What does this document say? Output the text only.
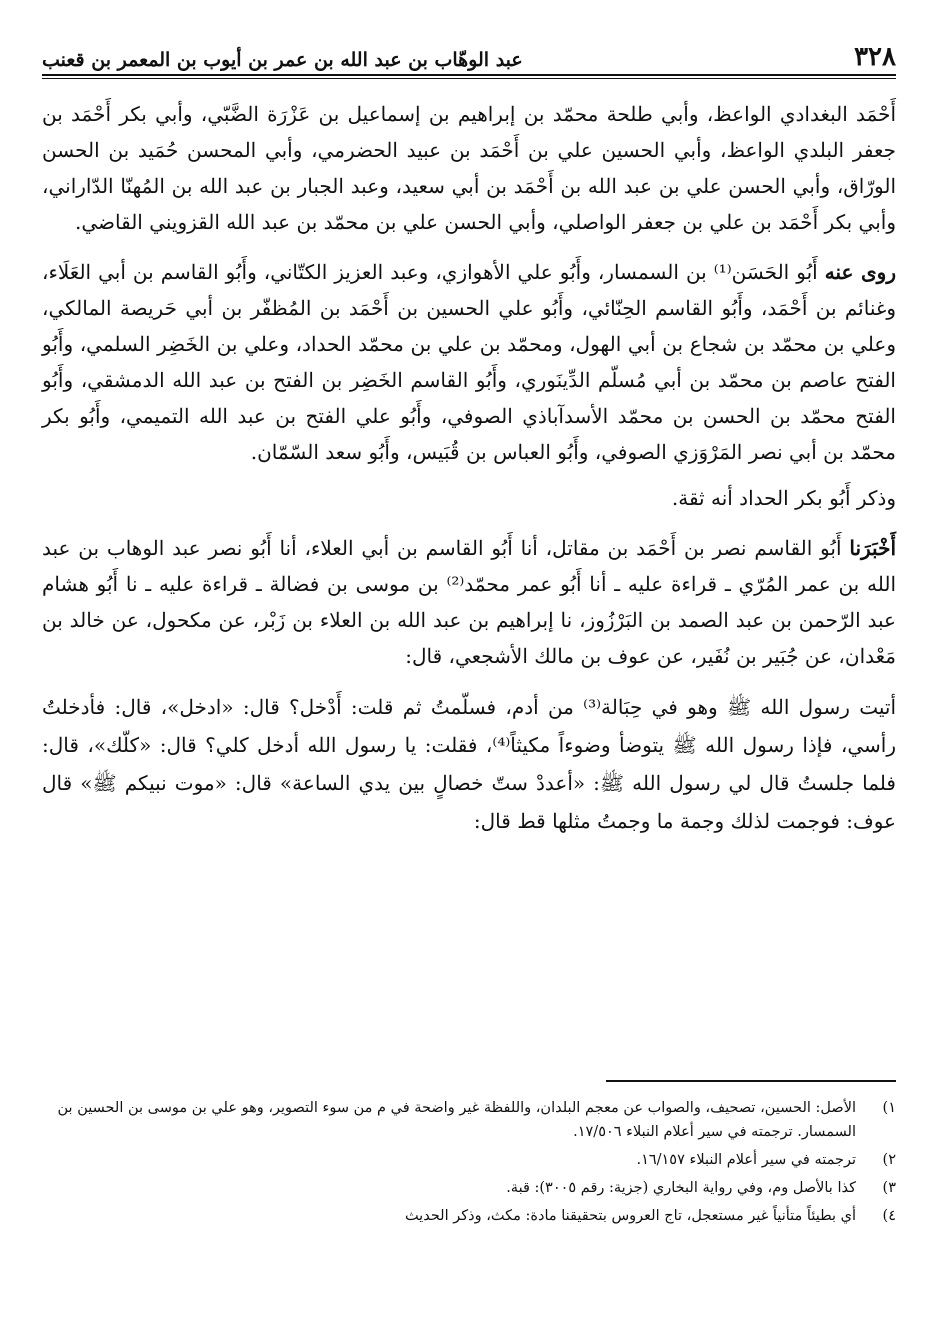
٣٢٨
عبد الوهّاب بن عبد الله بن عمر بن أيوب بن المعمر بن قعنب

أَحْمَد البغدادي الواعظ، وأبي طلحة محمّد بن إبراهيم بن إسماعيل بن عَزْرَة الضَّبّي، وأبي بكر أَحْمَد بن جعفر البلدي الواعظ، وأبي الحسين علي بن أَحْمَد بن عبيد الحضرمي، وأبي المحسن حُمَيد بن الحسن الورّاق، وأبي الحسن علي بن عبد الله بن أَحْمَد بن أبي سعيد، وعبد الجبار بن عبد الله بن المُهنّا الدّاراني، وأبي بكر أَحْمَد بن علي بن جعفر الواصلي، وأبي الحسن علي بن محمّد بن عبد الله القزويني القاضي.

روى عنه أَبُو الحَسَن⁽¹⁾ بن السمسار، وأَبُو علي الأهوازي، وعبد العزيز الكتّاني، وأَبُو القاسم بن أبي العَلَاء، وغنائم بن أَحْمَد، وأَبُو القاسم الحِنّائي، وأَبُو علي الحسين بن أَحْمَد بن المُظفّر بن أبي حَريصة المالكي، وعلي بن محمّد بن شجاع بن أبي الهول، ومحمّد بن علي بن محمّد الحداد، وعلي بن الخَضِر السلمي، وأَبُو الفتح عاصم بن محمّد بن أبي مُسلّم الدِّينَوري، وأَبُو القاسم الخَضِر بن الفتح بن عبد الله الدمشقي، وأَبُو الفتح محمّد بن الحسن بن محمّد الأسدآباذي الصوفي، وأَبُو علي الفتح بن عبد الله التميمي، وأَبُو بكر محمّد بن أبي نصر المَرْوَزي الصوفي، وأَبُو العباس بن قُبَيس، وأَبُو سعد السّمّان.

وذكر أَبُو بكر الحداد أنه ثقة.

أَخْبَرَنا أَبُو القاسم نصر بن أَحْمَد بن مقاتل، أنا أَبُو القاسم بن أبي العلاء، أنا أَبُو نصر عبد الوهاب بن عبد الله بن عمر المُرّي ـ قراءة عليه ـ أنا أَبُو عمر محمّد⁽²⁾ بن موسى بن فضالة ـ قراءة عليه ـ نا أَبُو هشام عبد الرّحمن بن عبد الصمد بن البَرْزُوز، نا إبراهيم بن عبد الله بن العلاء بن زَبْر، عن مكحول، عن خالد بن مَعْدان، عن جُبَير بن نُفَير، عن عوف بن مالك الأشجعي، قال:

أتيت رسول الله ﷺ وهو في حِبَالة⁽³⁾ من أدم، فسلّمتُ ثم قلت: أَدْخل؟ قال: «ادخل»، قال: فأدخلتُ رأسي، فإذا رسول الله ﷺ يتوضأ وضوءاً مكيثاً⁽⁴⁾، فقلت: يا رسول الله أدخل كلي؟ قال: «كلّك»، قال: فلما جلستُ قال لي رسول الله ﷺ: «أعددْ ستّ خصالٍ بين يدي الساعة» قال: «موت نبيكم ﷺ» قال عوف: فوجمت لذلك وجمة ما وجمتُ مثلها قط قال:

١)
الأصل: الحسين، تصحيف، والصواب عن معجم البلدان، واللفظة غير واضحة في م من سوء التصوير، وهو علي بن موسى بن الحسين بن السمسار. ترجمته في سير أعلام النبلاء ١٧/٥٠٦.
٢)
ترجمته في سير أعلام النبلاء ١٦/١٥٧.
٣)
كذا بالأصل وم، وفي رواية البخاري (جزية: رقم ٣٠٠٥): قبة.
٤)
أي بطيئاً متأنياً غير مستعجل، تاج العروس بتحقيقنا مادة: مكث، وذكر الحديث
